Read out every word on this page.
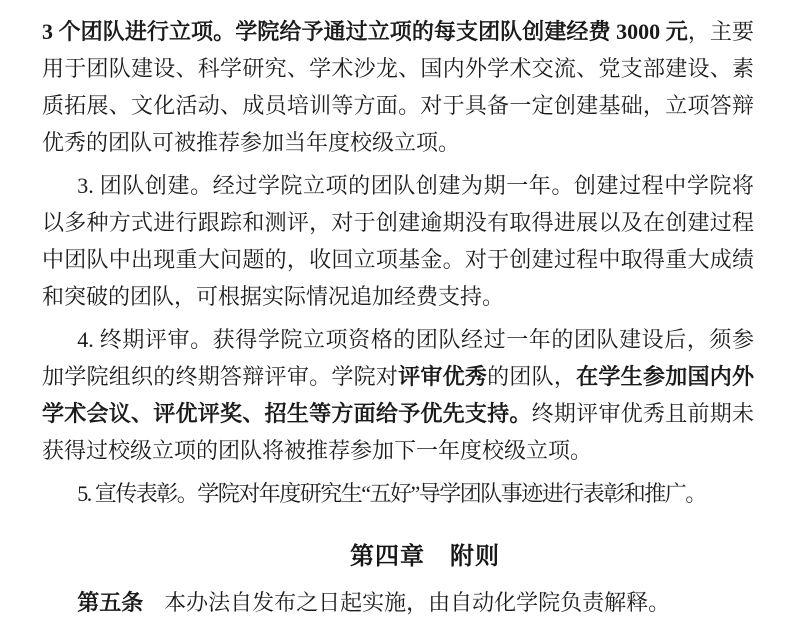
3 个团队进行立项。学院给予通过立项的每支团队创建经费 3000 元，主要用于团队建设、科学研究、学术沙龙、国内外学术交流、党支部建设、素质拓展、文化活动、成员培训等方面。对于具备一定创建基础，立项答辩优秀的团队可被推荐参加当年度校级立项。

3. 团队创建。经过学院立项的团队创建为期一年。创建过程中学院将以多种方式进行跟踪和测评，对于创建逾期没有取得进展以及在创建过程中团队中出现重大问题的，收回立项基金。对于创建过程中取得重大成绩和突破的团队，可根据实际情况追加经费支持。

4. 终期评审。获得学院立项资格的团队经过一年的团队建设后，须参加学院组织的终期答辩评审。学院对评审优秀的团队，在学生参加国内外学术会议、评优评奖、招生等方面给予优先支持。终期评审优秀且前期未获得过校级立项的团队将被推荐参加下一年度校级立项。

5. 宣传表彰。学院对年度研究生“五好”导学团队事迹进行表彰和推广。

第四章　附则

第五条 本办法自发布之日起实施，由自动化学院负责解释。
